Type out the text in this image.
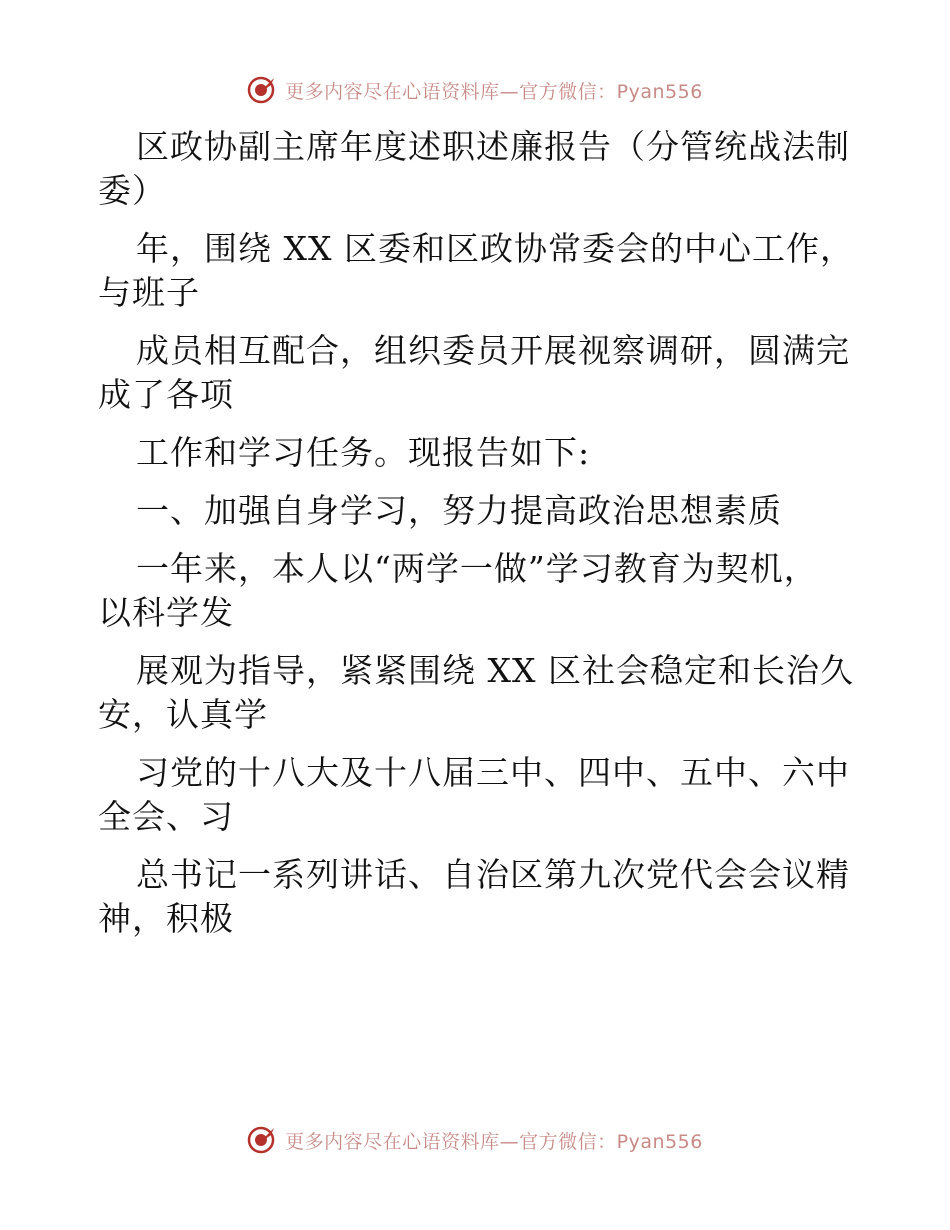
更多内容尽在心语资料库—官方微信：Pyan556

区政协副主席年度述职述廉报告（分管统战法制

委）

年，围绕 XX 区委和区政协常委会的中心工作，

与班子

成员相互配合，组织委员开展视察调研，圆满完

成了各项

工作和学习任务。现报告如下:

一、加强自身学习，努力提高政治思想素质

一年来，本人以“两学一做”学习教育为契机，

以科学发

展观为指导，紧紧围绕 XX 区社会稳定和长治久

安，认真学

习党的十八大及十八届三中、四中、五中、六中

全会、习

总书记一系列讲话、自治区第九次党代会会议精

神，积极

更多内容尽在心语资料库—官方微信：Pyan556
